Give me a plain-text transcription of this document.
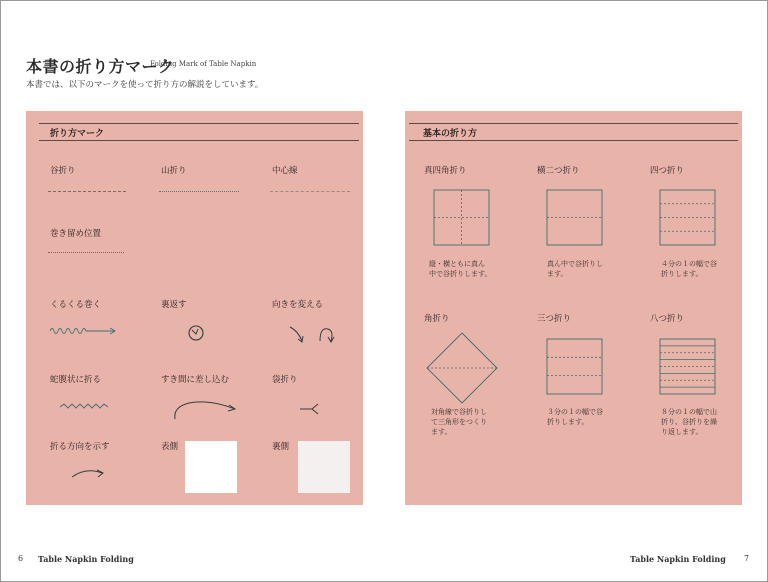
本書の折り方マーク
Folding Mark of Table Napkin
本書では、以下のマークを使って折り方の解説をしています。
折り方マーク
谷折り	山折り	中心線
巻き留め位置
くるくる巻く	裏返す	向きを変える
蛇腹状に折る	すき間に差し込む	袋折り
折る方向を示す	表側	裏側
基本の折り方
真四角折り
縦・横ともに真ん
中で谷折りします。
横二つ折り
真ん中で谷折りし
ます。
四つ折り
４分の１の幅で谷
折りします。
角折り
対角線で谷折りし
て三角形をつくり
ます。
三つ折り
３分の１の幅で谷
折りします。
八つ折り
８分の１の幅で山
折り、谷折りを繰
り返します。
6 Table Napkin Folding	Table Napkin Folding 7
